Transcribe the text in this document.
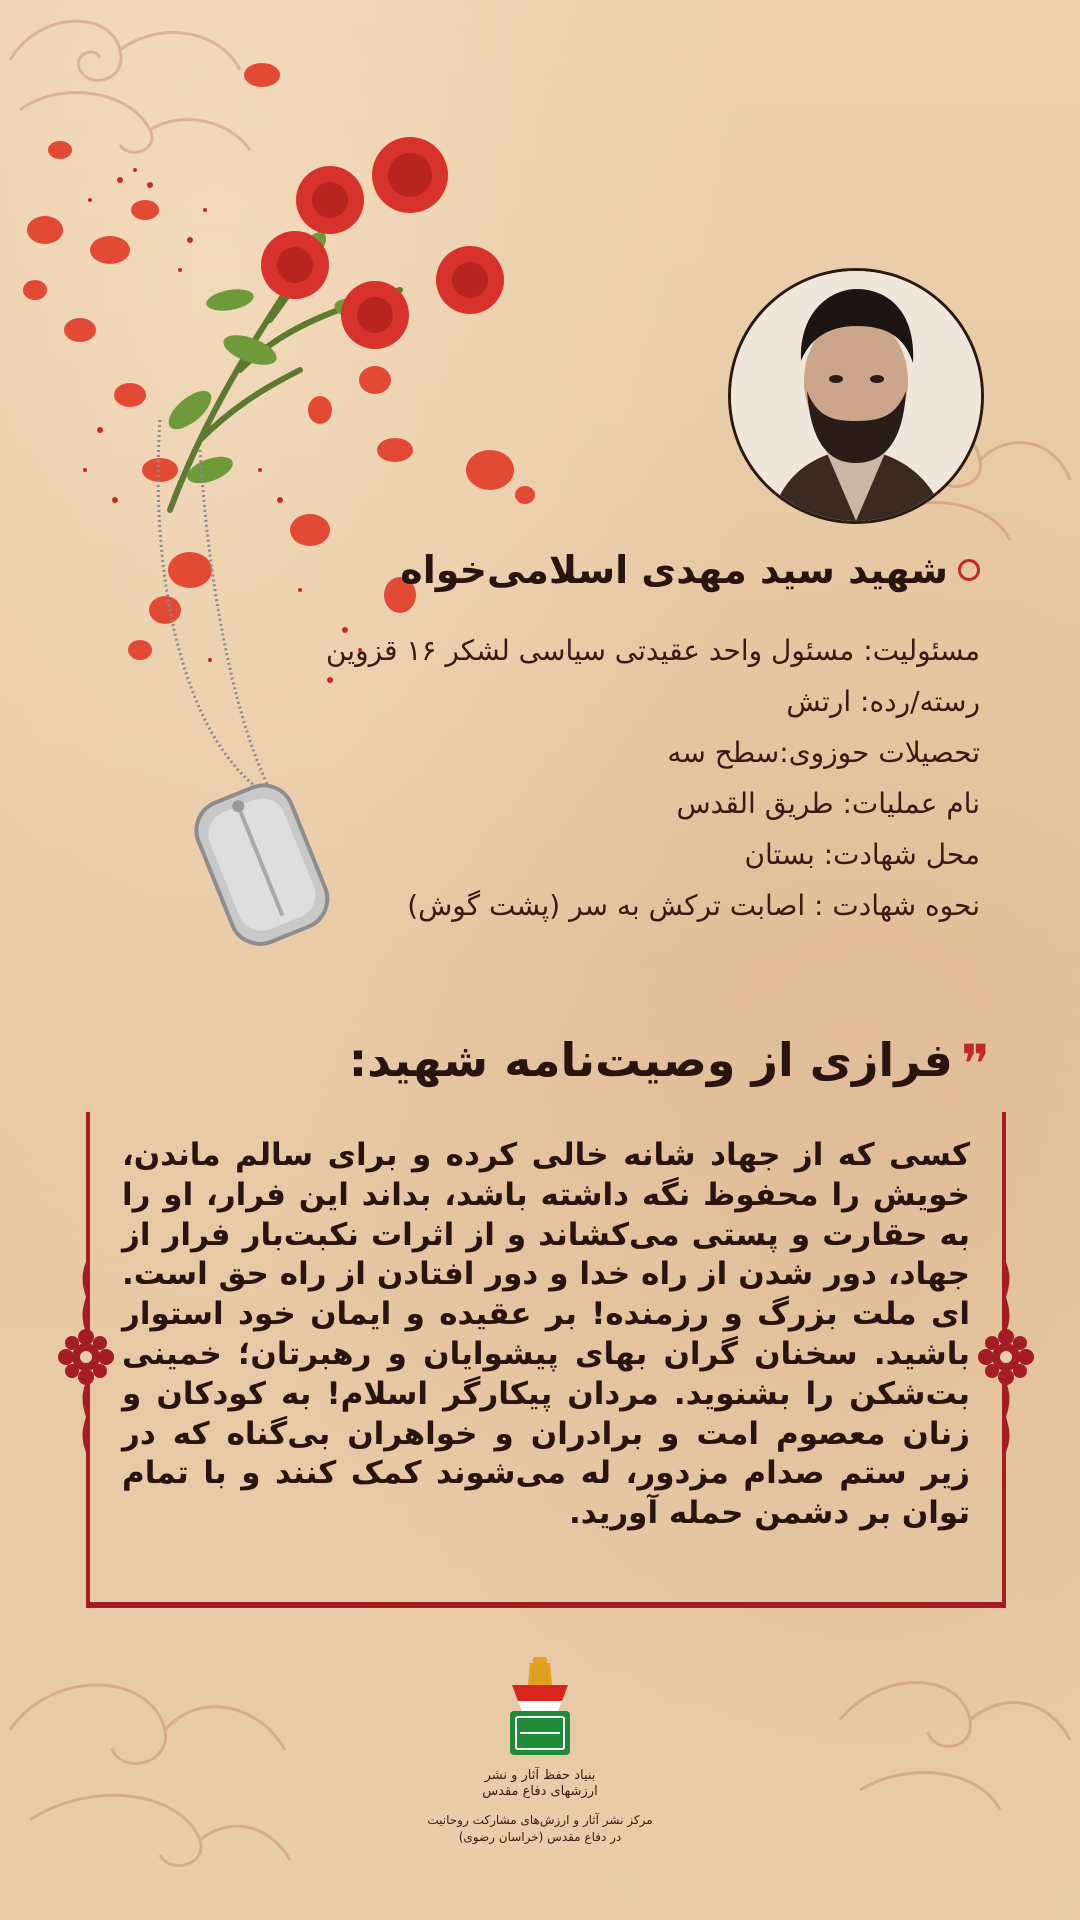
شهید سید مهدی اسلامی‌خواه
مسئولیت: مسئول واحد عقیدتی سیاسی لشکر ۱۶ قزوین
رسته/رده: ارتش
تحصیلات حوزوی:سطح سه
نام عملیات: طریق القدس
محل شهادت: بستان
نحوه شهادت : اصابت ترکش به سر (پشت گوش)
❞
فرازی از وصیت‌نامه شهید:
کسی که از جهاد شانه خالی کرده و برای سالم ماندن، خویش را محفوظ نگه داشته باشد، بداند این فرار، او را به حقارت و پستی می‌کشاند و از اثرات نکبت‌بار فرار از جهاد، دور شدن از راه خدا و دور افتادن از راه حق است. ای ملت بزرگ و رزمنده! بر عقیده و ایمان خود استوار باشید. سخنان گران بهای پیشوایان و رهبرتان؛ خمینی بت‌شکن را بشنوید. مردان پیکارگر اسلام! به کودکان و زنان معصوم امت و برادران و خواهران بی‌گناه که در زیر ستم صدام مزدور، له می‌شوند کمک کنند و با تمام توان بر دشمن حمله آورید.
بنیاد حفظ آثار و نشر
ارزشهای دفاع مقدس
مرکز نشر آثار و ارزش‌های مشارکت روحانیت
در دفاع مقدس (خراسان رضوی)
